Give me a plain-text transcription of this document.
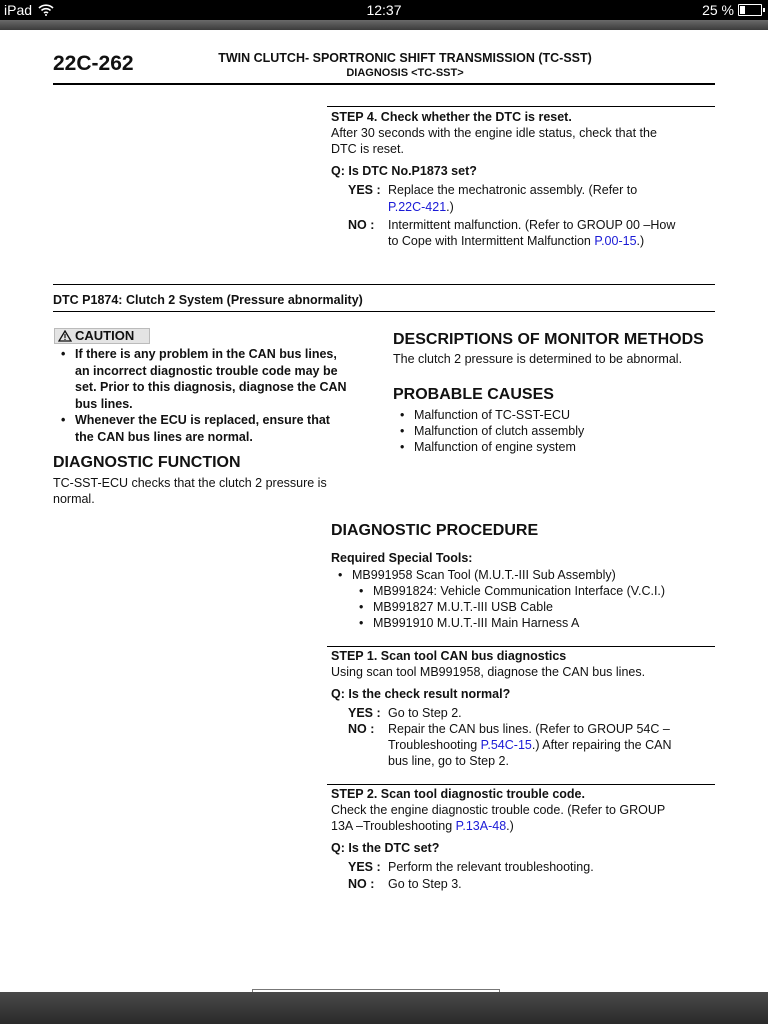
iPad	12:37	25 %
22C-262	TWIN CLUTCH- SPORTRONIC SHIFT TRANSMISSION (TC-SST)
DIAGNOSIS <TC-SST>
STEP 4. Check whether the DTC is reset.
After 30 seconds with the engine idle status, check that the
DTC is reset.
Q: Is DTC No.P1873 set?
YES : Replace the mechatronic assembly. (Refer to
P.22C-421.)
NO : Intermittent malfunction. (Refer to GROUP 00 –How
to Cope with Intermittent Malfunction P.00-15.)
DTC P1874: Clutch 2 System (Pressure abnormality)
CAUTION
• If there is any problem in the CAN bus lines,
an incorrect diagnostic trouble code may be
set. Prior to this diagnosis, diagnose the CAN
bus lines.
• Whenever the ECU is replaced, ensure that
the CAN bus lines are normal.
DIAGNOSTIC FUNCTION
TC-SST-ECU checks that the clutch 2 pressure is
normal.
DESCRIPTIONS OF MONITOR METHODS
The clutch 2 pressure is determined to be abnormal.
PROBABLE CAUSES
• Malfunction of TC-SST-ECU
• Malfunction of clutch assembly
• Malfunction of engine system
DIAGNOSTIC PROCEDURE
Required Special Tools:
• MB991958 Scan Tool (M.U.T.-III Sub Assembly)
• MB991824: Vehicle Communication Interface (V.C.I.)
• MB991827 M.U.T.-III USB Cable
• MB991910 M.U.T.-III Main Harness A
STEP 1. Scan tool CAN bus diagnostics
Using scan tool MB991958, diagnose the CAN bus lines.
Q: Is the check result normal?
YES : Go to Step 2.
NO : Repair the CAN bus lines. (Refer to GROUP 54C –
Troubleshooting P.54C-15.) After repairing the CAN
bus line, go to Step 2.
STEP 2. Scan tool diagnostic trouble code.
Check the engine diagnostic trouble code. (Refer to GROUP
13A –Troubleshooting P.13A-48.)
Q: Is the DTC set?
YES : Perform the relevant troubleshooting.
NO : Go to Step 3.
